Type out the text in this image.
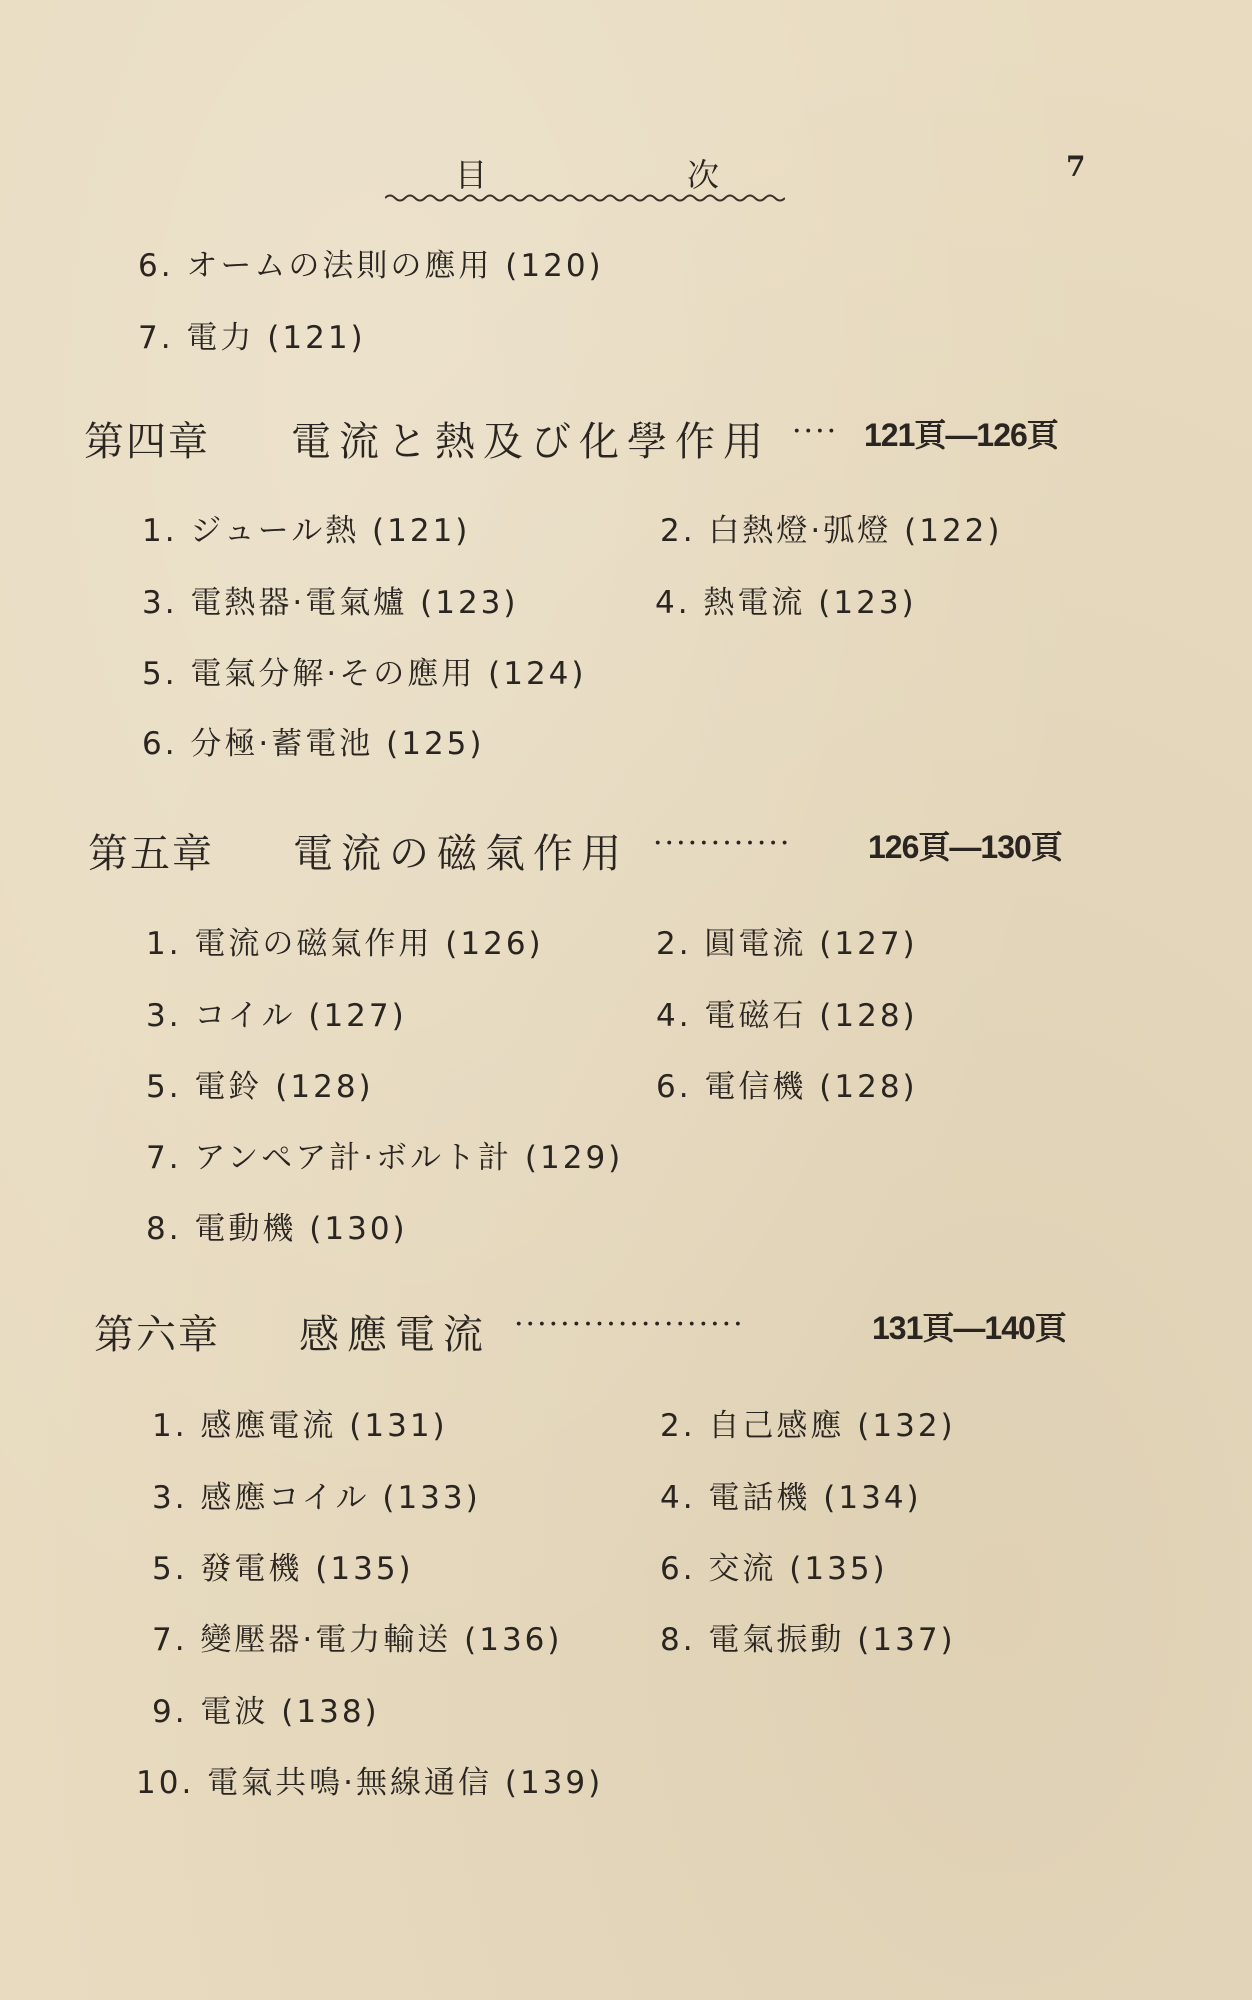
目	次	7
6. オームの法則の應用 (120)
7. 電力 (121)
第四章 電流と熱及び化學作用 ···· 121頁—126頁
1. ジュール熱 (121)	2. 白熱燈·弧燈 (122)
3. 電熱器·電氣爐 (123)	4. 熱電流 (123)
5. 電氣分解·その應用 (124)
6. 分極·蓄電池 (125)
第五章 電流の磁氣作用 ············ 126頁—130頁
1. 電流の磁氣作用 (126)	2. 圓電流 (127)
3. コイル (127)	4. 電磁石 (128)
5. 電鈴 (128)	6. 電信機 (128)
7. アンペア計·ボルト計 (129)
8. 電動機 (130)
第六章 感應電流 ····················	131頁—140頁
1. 感應電流 (131)	2. 自己感應 (132)
3. 感應コイル (133)	4. 電話機 (134)
5. 發電機 (135)	6. 交流 (135)
7. 變壓器·電力輸送 (136)	8. 電氣振動 (137)
9. 電波 (138)
10. 電氣共鳴·無線通信 (139)
